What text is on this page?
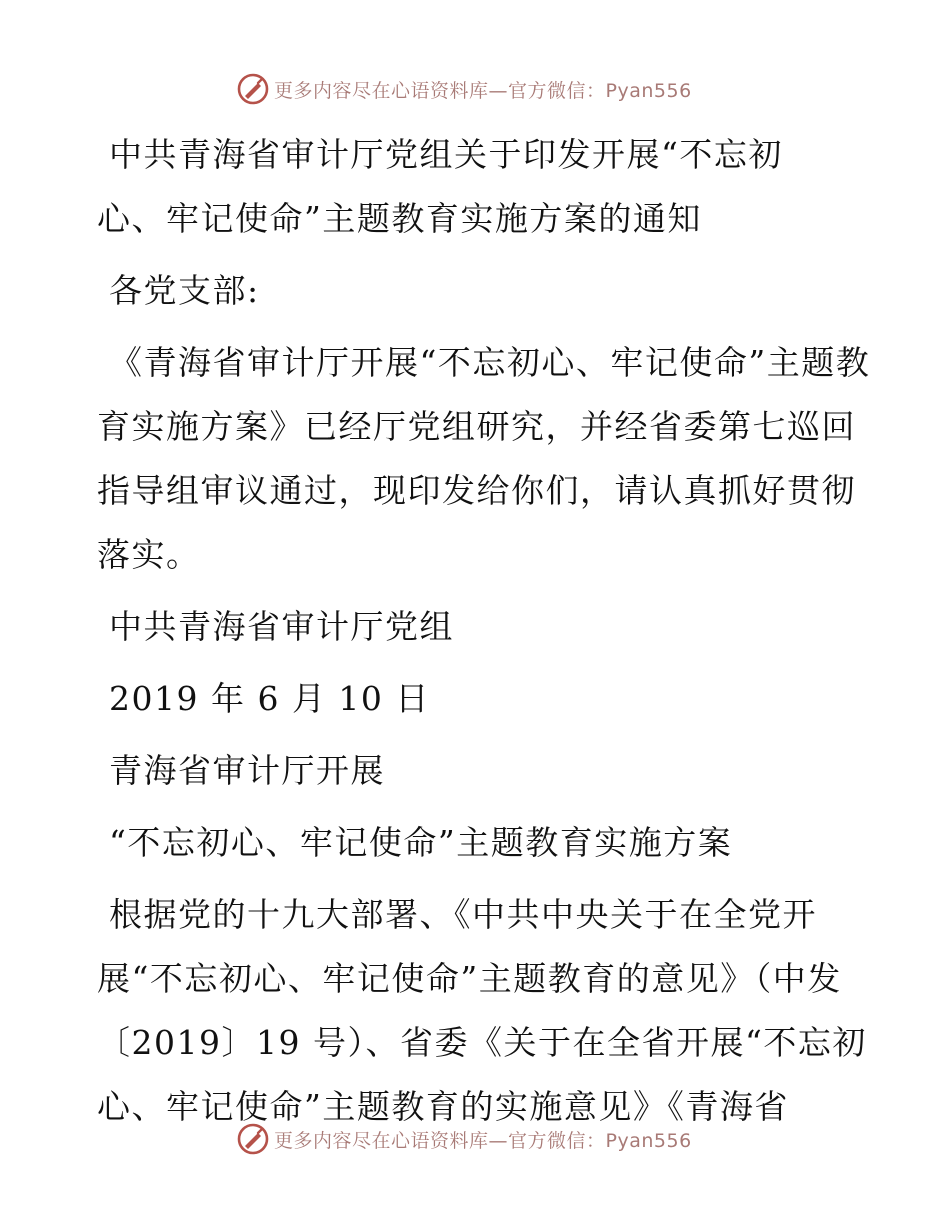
更多内容尽在心语资料库—官方微信：Pyan556

中共青海省审计厅党组关于印发开展“不忘初
心、牢记使命”主题教育实施方案的通知

各党支部:

《青海省审计厅开展“不忘初心、牢记使命”主题教育实施方案》已经厅党组研究，并经省委第七巡回指导组审议通过，现印发给你们，请认真抓好贯彻落实。

中共青海省审计厅党组

2019 年 6 月 10 日

青海省审计厅开展

“不忘初心、牢记使命”主题教育实施方案

根据党的十九大部署、《中共中央关于在全党开展“不忘初心、牢记使命”主题教育的意见》（中发〔2019〕19 号）、省委《关于在全省开展“不忘初心、牢记使命”主题教育的实施意见》《青海省

更多内容尽在心语资料库—官方微信：Pyan556
